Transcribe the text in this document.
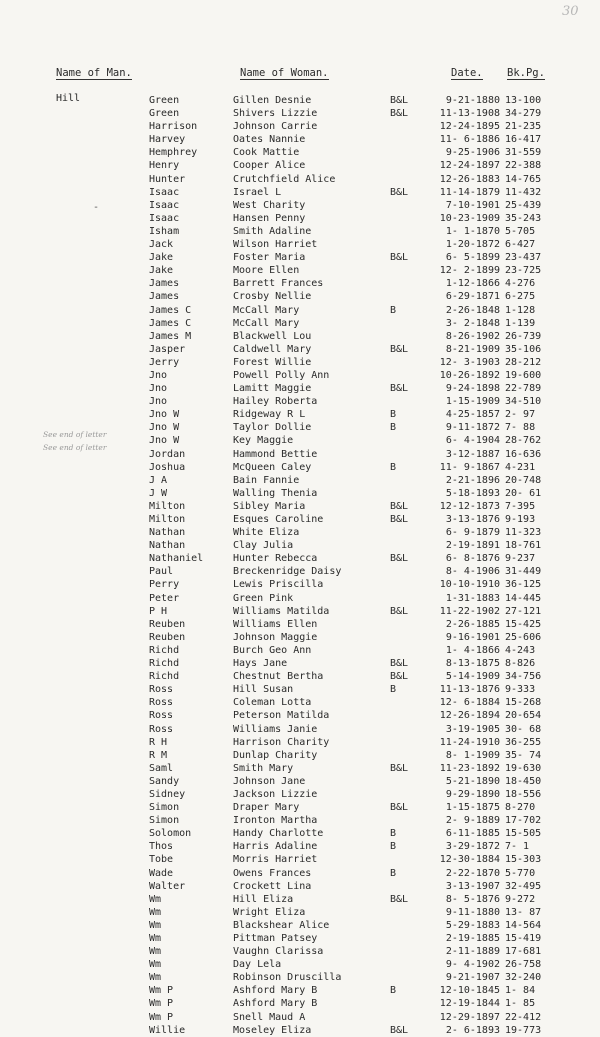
30
Name of Man.	Name of Woman.	Date. Bk.Pg.
Hill
See end of letter
See end of letter
-
Green	Gillen Desnie	B&L	9-21-1880 13-100
Green	Shivers Lizzie	B&L	11-13-1908 34-279
Harrison	Johnson Carrie	12-24-1895 21-235
Harvey	Oates Nannie	11- 6-1886 16-417
Hemphrey	Cook Mattie	9-25-1906 31-559
Henry	Cooper Alice	12-24-1897 22-388
Hunter	Crutchfield Alice	12-26-1883 14-765
Isaac	Israel L	B&L	11-14-1879 11-432
Isaac	West Charity	7-10-1901 25-439
Isaac	Hansen Penny	10-23-1909 35-243
Isham	Smith Adaline	1- 1-1870 5-705
Jack	Wilson Harriet	1-20-1872 6-427
Jake	Foster Maria	B&L	6- 5-1899 23-437
Jake	Moore Ellen	12- 2-1899 23-725
James	Barrett Frances	1-12-1866 4-276
James	Crosby Nellie	6-29-1871 6-275
James C	McCall Mary	B	2-26-1848 1-128
James C	McCall Mary	3- 2-1848 1-139
James M	Blackwell Lou	8-26-1902 26-739
Jasper	Caldwell Mary	B&L	8-21-1909 35-106
Jerry	Forest Willie	12- 3-1903 28-212
Jno	Powell Polly Ann	10-26-1892 19-600
Jno	Lamitt Maggie	B&L	9-24-1898 22-789
Jno	Hailey Roberta	1-15-1909 34-510
Jno W	Ridgeway R L	B	4-25-1857 2- 97
Jno W	Taylor Dollie	B	9-11-1872 7- 88
Jno W	Key Maggie	6- 4-1904 28-762
Jordan	Hammond Bettie	3-12-1887 16-636
Joshua	McQueen Caley	B	11- 9-1867 4-231
J A	Bain Fannie	2-21-1896 20-748
J W	Walling Thenia	5-18-1893 20- 61
Milton	Sibley Maria	B&L	12-12-1873 7-395
Milton	Esques Caroline	B&L	3-13-1876 9-193
Nathan	White Eliza	6- 9-1879 11-323
Nathan	Clay Julia	2-19-1891 18-761
Nathaniel	Hunter Rebecca	B&L	6- 8-1876 9-237
Paul	Breckenridge Daisy	8- 4-1906 31-449
Perry	Lewis Priscilla	10-10-1910 36-125
Peter	Green Pink	1-31-1883 14-445
P H	Williams Matilda	B&L	11-22-1902 27-121
Reuben	Williams Ellen	2-26-1885 15-425
Reuben	Johnson Maggie	9-16-1901 25-606
Richd	Burch Geo Ann	1- 4-1866 4-243
Richd	Hays Jane	B&L	8-13-1875 8-826
Richd	Chestnut Bertha	B&L	5-14-1909 34-756
Ross	Hill Susan	B	11-13-1876 9-333
Ross	Coleman Lotta	12- 6-1884 15-268
Ross	Peterson Matilda	12-26-1894 20-654
Ross	Williams Janie	3-19-1905 30- 68
R H	Harrison Charity	11-24-1910 36-255
R M	Dunlap Charity	8- 1-1909 35- 74
Saml	Smith Mary	B&L	11-23-1892 19-630
Sandy	Johnson Jane	5-21-1890 18-450
Sidney	Jackson Lizzie	9-29-1890 18-556
Simon	Draper Mary	B&L	1-15-1875 8-270
Simon	Ironton Martha	2- 9-1889 17-702
Solomon	Handy Charlotte	B	6-11-1885 15-505
Thos	Harris Adaline	B	3-29-1872 7- 1
Tobe	Morris Harriet	12-30-1884 15-303
Wade	Owens Frances	B	2-22-1870 5-770
Walter	Crockett Lina	3-13-1907 32-495
Wm	Hill Eliza	B&L	8- 5-1876 9-272
Wm	Wright Eliza	9-11-1880 13- 87
Wm	Blackshear Alice	5-29-1883 14-564
Wm	Pittman Patsey	2-19-1885 15-419
Wm	Vaughn Clarissa	2-11-1889 17-681
Wm	Day Lela	9- 4-1902 26-758
Wm	Robinson Druscilla	9-21-1907 32-240
Wm P	Ashford Mary B	B	12-10-1845 1- 84
Wm P	Ashford Mary B	12-19-1844 1- 85
Wm P	Snell Maud A	12-29-1897 22-412
Willie	Moseley Eliza	B&L	2- 6-1893 19-773
